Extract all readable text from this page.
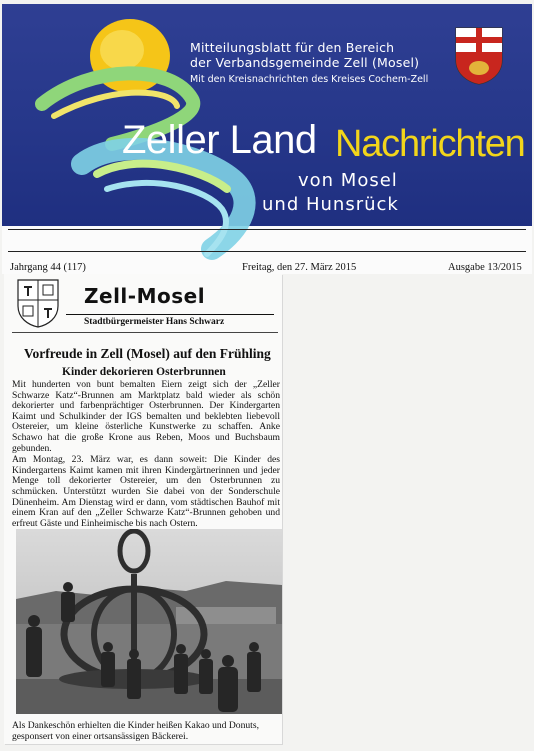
Mitteilungsblatt für den Bereich
der Verbandsgemeinde Zell (Mosel)
Mit den Kreisnachrichten des Kreises Cochem-Zell
Zeller Land Nachrichten
von Mosel
und Hunsrück
Jahrgang 44 (117)	Freitag, den 27. März 2015	Ausgabe 13/2015
Zell-Mosel
Stadtbürgermeister Hans Schwarz
Vorfreude in Zell (Mosel) auf den Frühling
Kinder dekorieren Osterbrunnen

Mit hunderten von bunt bemalten Eiern zeigt sich der „Zeller Schwarze Katz“-Brunnen am Marktplatz bald wieder als schön dekorierter und farbenprächtiger Osterbrunnen. Der Kindergarten Kaimt und Schulkinder der IGS bemalten und beklebten liebevoll Ostereier, um kleine österliche Kunstwerke zu schaffen. Anke Schawo hat die große Krone aus Reben, Moos und Buchsbaum gebunden.

Am Montag, 23. März war, es dann soweit: Die Kinder des Kindergartens Kaimt kamen mit ihren Kindergärtnerinnen und jeder Menge toll dekorierter Ostereier, um den Osterbrunnen zu schmücken. Unterstützt wurden Sie dabei von der Sonderschule Dünenheim. Am Dienstag wird er dann, vom städtischen Bauhof mit einem Kran auf den „Zeller Schwarze Katz“-Brunnen gehoben und erfreut Gäste und Einheimische bis nach Ostern.

Als Dankeschön erhielten die Kinder heißen Kakao und Donuts, gesponsert von einer ortsansässigen Bäckerei.
